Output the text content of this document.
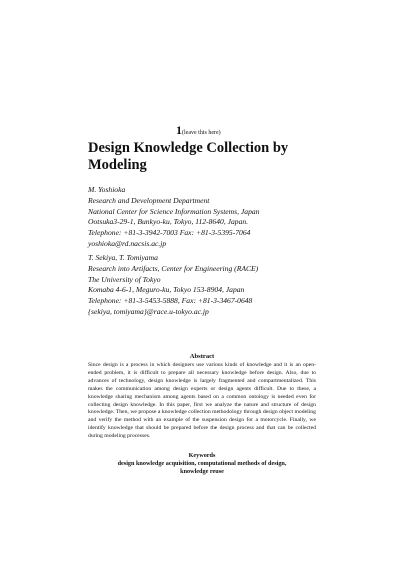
1(leave this here)
Design Knowledge Collection by Modeling
M. Yoshioka
Research and Development Department
National Center for Science Information Systems, Japan
Ootsuka3-29-1, Bunkyo-ku, Tokyo, 112-8640, Japan.
Telephone: +81-3-3942-7003 Fax: +81-3-5395-7064
yoshioka@rd.nacsis.ac.jp
T. Sekiya, T. Tomiyama
Research into Artifacts, Center for Engineering (RACE)
The University of Tokyo
Komaba 4-6-1, Meguro-ku, Tokyo 153-8904, Japan
Telephone: +81-3-5453-5888, Fax: +81-3-3467-0648
{sekiya, tomiyama}@race.u-tokyo.ac.jp
Abstract

Since design is a process in which designers use various kinds of knowledge and it is an open-ended problem, it is difficult to prepare all necessary knowledge before design. Also, due to advances of technology, design knowledge is largely fragmented and compartmentalized. This makes the communication among design experts or design agents difficult. Due to these, a knowledge sharing mechanism among agents based on a common ontology is needed even for collecting design knowledge. In this paper, first we analyze the nature and structure of design knowledge. Then, we propose a knowledge collection methodology through design object modeling and verify the method with an example of the suspension design for a motorcycle. Finally, we identify knowledge that should be prepared before the design process and that can be collected during modeling processes.

Keywords
design knowledge acquisition, computational methods of design,
knowledge reuse
